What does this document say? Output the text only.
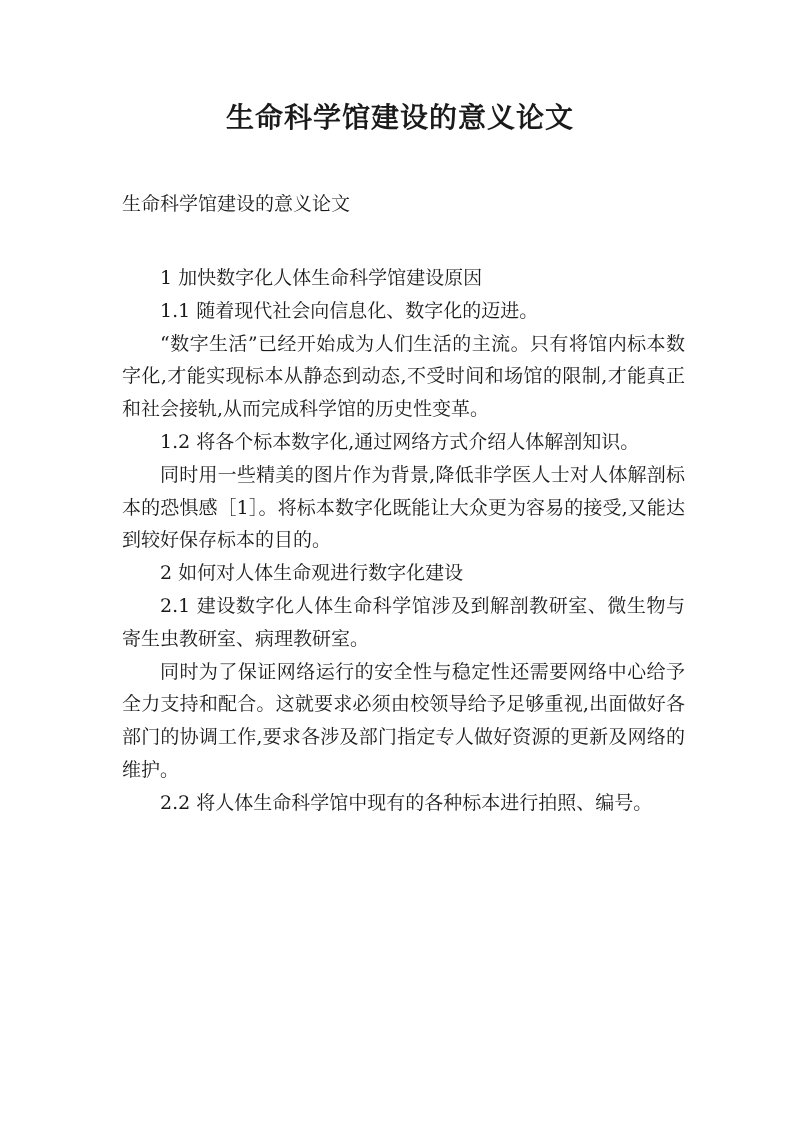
生命科学馆建设的意义论文

生命科学馆建设的意义论文

1 加快数字化人体生命科学馆建设原因

1.1 随着现代社会向信息化、数字化的迈进。

“数字生活”已经开始成为人们生活的主流。只有将馆内标本数字化,才能实现标本从静态到动态,不受时间和场馆的限制,才能真正和社会接轨,从而完成科学馆的历史性变革。

1.2 将各个标本数字化,通过网络方式介绍人体解剖知识。

同时用一些精美的图片作为背景,降低非学医人士对人体解剖标本的恐惧感［1］。将标本数字化既能让大众更为容易的接受,又能达到较好保存标本的目的。

2 如何对人体生命观进行数字化建设

2.1 建设数字化人体生命科学馆涉及到解剖教研室、微生物与寄生虫教研室、病理教研室。

同时为了保证网络运行的安全性与稳定性还需要网络中心给予全力支持和配合。这就要求必须由校领导给予足够重视,出面做好各部门的协调工作,要求各涉及部门指定专人做好资源的更新及网络的维护。

2.2 将人体生命科学馆中现有的各种标本进行拍照、编号。
